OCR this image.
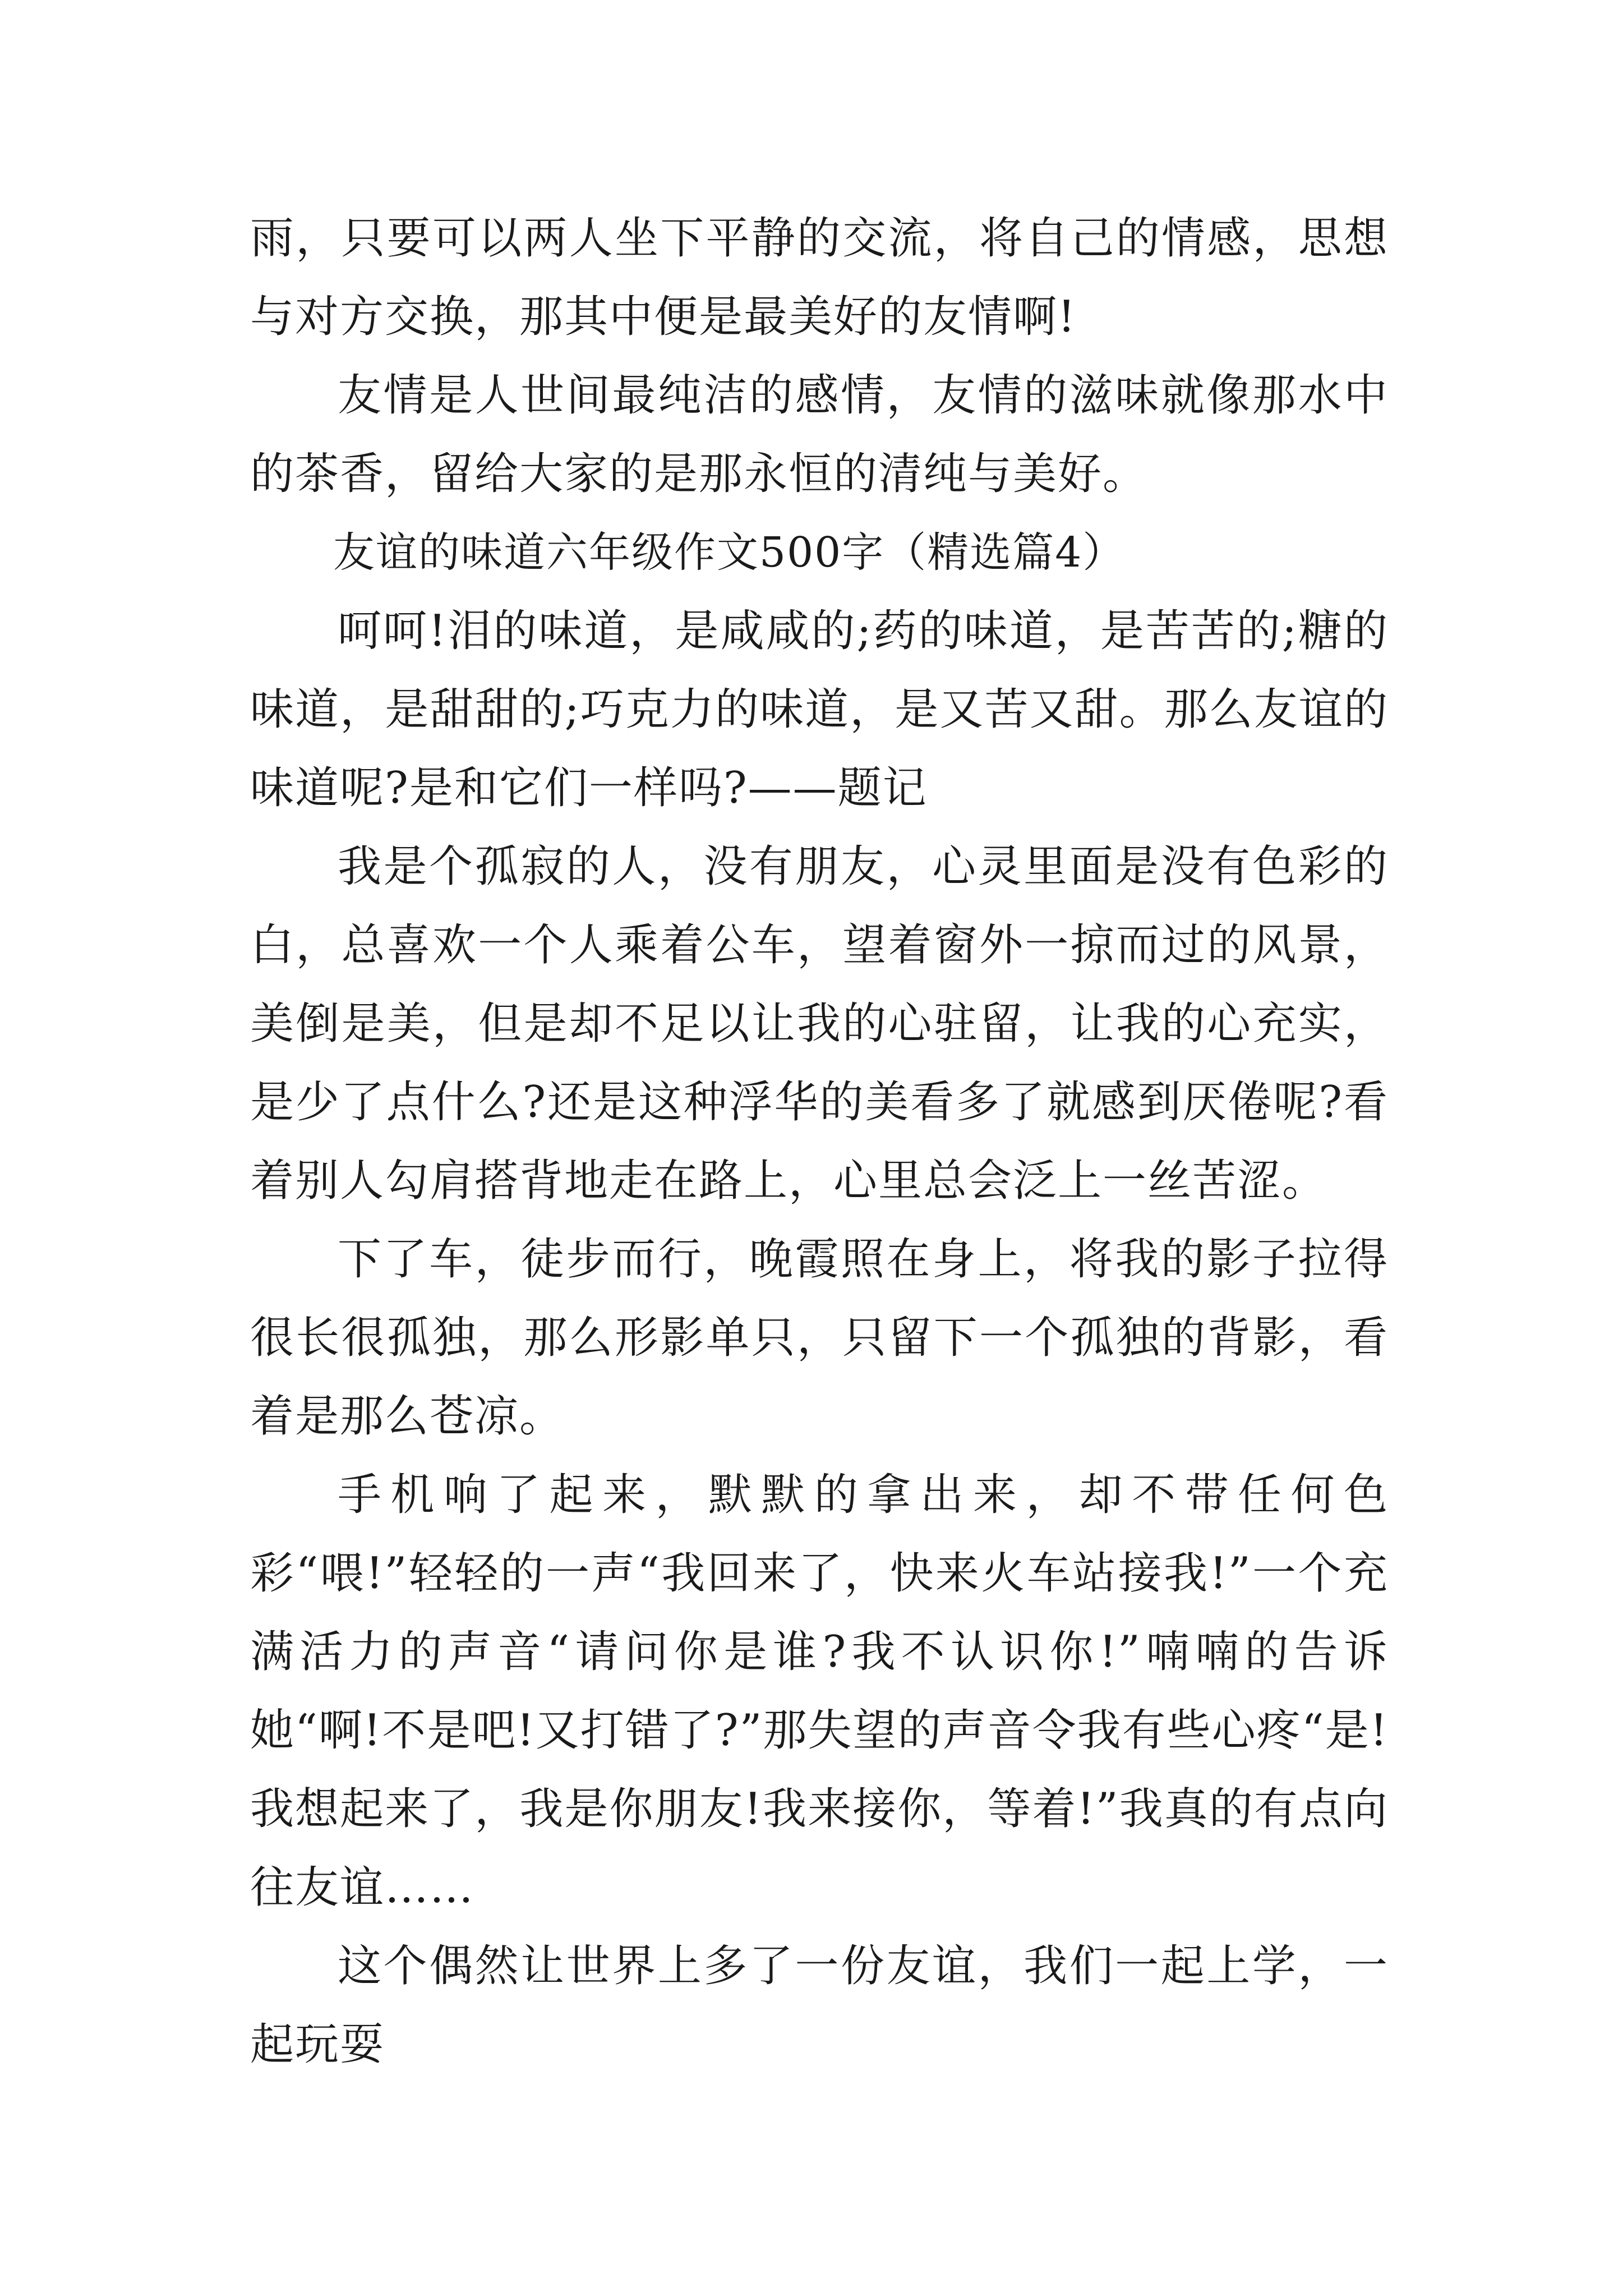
雨，只要可以两人坐下平静的交流，将自己的情感，思想与对方交换，那其中便是最美好的友情啊!

友情是人世间最纯洁的感情，友情的滋味就像那水中的茶香，留给大家的是那永恒的清纯与美好。

友谊的味道六年级作文500字（精选篇4）

呵呵!泪的味道，是咸咸的;药的味道，是苦苦的;糖的味道，是甜甜的;巧克力的味道，是又苦又甜。那么友谊的味道呢?是和它们一样吗?——题记

我是个孤寂的人，没有朋友，心灵里面是没有色彩的白，总喜欢一个人乘着公车，望着窗外一掠而过的风景，美倒是美，但是却不足以让我的心驻留，让我的心充实，是少了点什么?还是这种浮华的美看多了就感到厌倦呢?看着别人勾肩搭背地走在路上，心里总会泛上一丝苦涩。

下了车，徒步而行，晚霞照在身上，将我的影子拉得很长很孤独，那么形影单只，只留下一个孤独的背影，看着是那么苍凉。

手机响了起来，默默的拿出来，却不带任何色彩“喂!”轻轻的一声“我回来了，快来火车站接我!”一个充满活力的声音“请问你是谁?我不认识你!”喃喃的告诉她“啊!不是吧!又打错了?”那失望的声音令我有些心疼“是!我想起来了，我是你朋友!我来接你，等着!”我真的有点向往友谊……

这个偶然让世界上多了一份友谊，我们一起上学，一起玩耍
